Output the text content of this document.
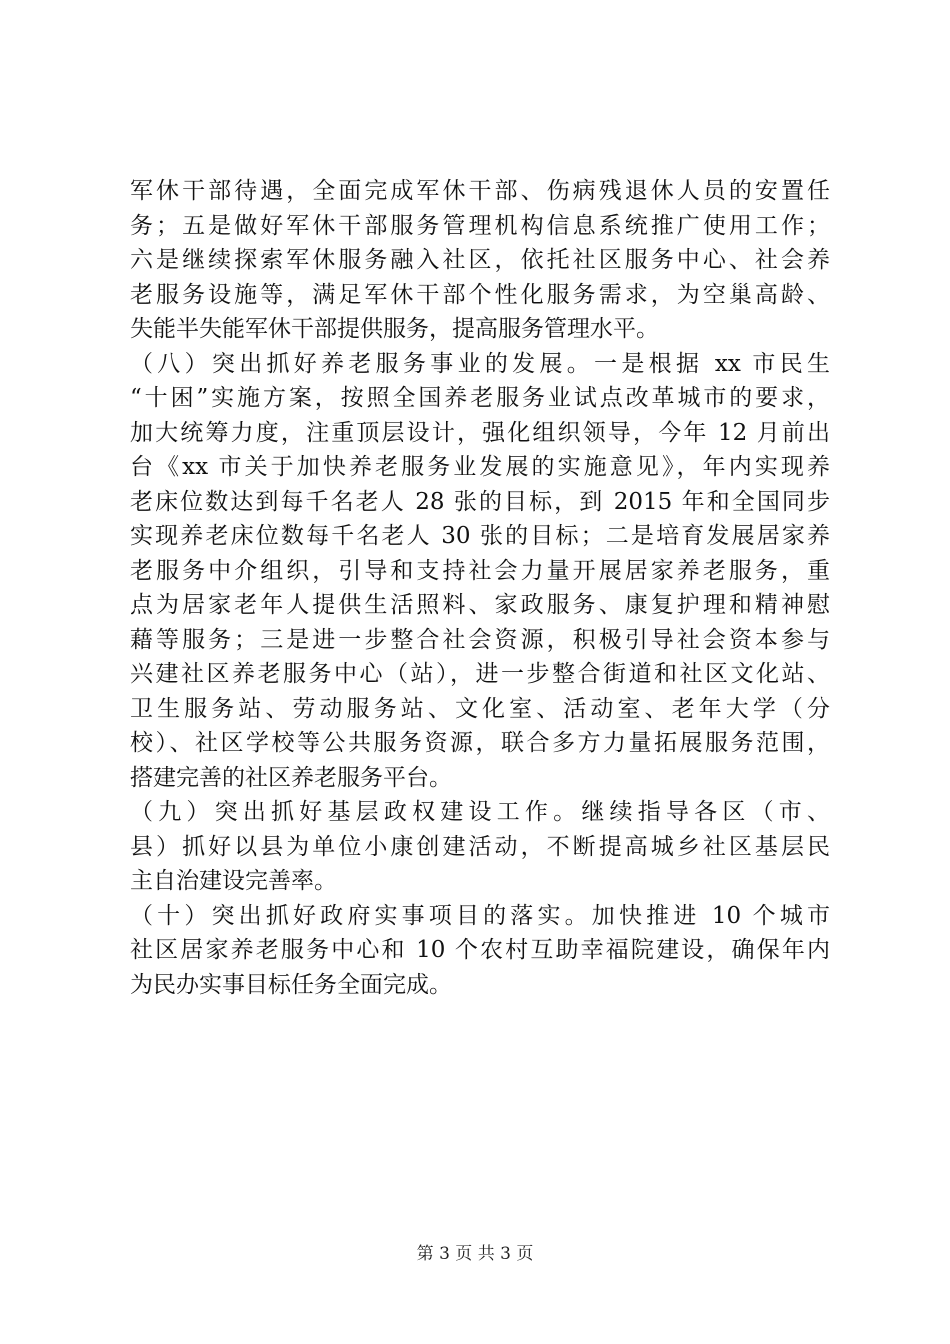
军休干部待遇，全面完成军休干部、伤病残退休人员的安置任
务；五是做好军休干部服务管理机构信息系统推广使用工作；
六是继续探索军休服务融入社区，依托社区服务中心、社会养
老服务设施等，满足军休干部个性化服务需求，为空巢高龄、
失能半失能军休干部提供服务，提高服务管理水平。
（八）突出抓好养老服务事业的发展。一是根据 xx 市民生
“十困”实施方案，按照全国养老服务业试点改革城市的要求，
加大统筹力度，注重顶层设计，强化组织领导，今年 12 月前出
台《xx 市关于加快养老服务业发展的实施意见》，年内实现养
老床位数达到每千名老人 28 张的目标，到 2015 年和全国同步
实现养老床位数每千名老人 30 张的目标；二是培育发展居家养
老服务中介组织，引导和支持社会力量开展居家养老服务，重
点为居家老年人提供生活照料、家政服务、康复护理和精神慰
藉等服务；三是进一步整合社会资源，积极引导社会资本参与
兴建社区养老服务中心（站），进一步整合街道和社区文化站、
卫生服务站、劳动服务站、文化室、活动室、老年大学（分
校）、社区学校等公共服务资源，联合多方力量拓展服务范围，
搭建完善的社区养老服务平台。
（九）突出抓好基层政权建设工作。继续指导各区（市、
县）抓好以县为单位小康创建活动，不断提高城乡社区基层民
主自治建设完善率。
（十）突出抓好政府实事项目的落实。加快推进 10 个城市
社区居家养老服务中心和 10 个农村互助幸福院建设，确保年内
为民办实事目标任务全面完成。
第 3 页 共 3 页
